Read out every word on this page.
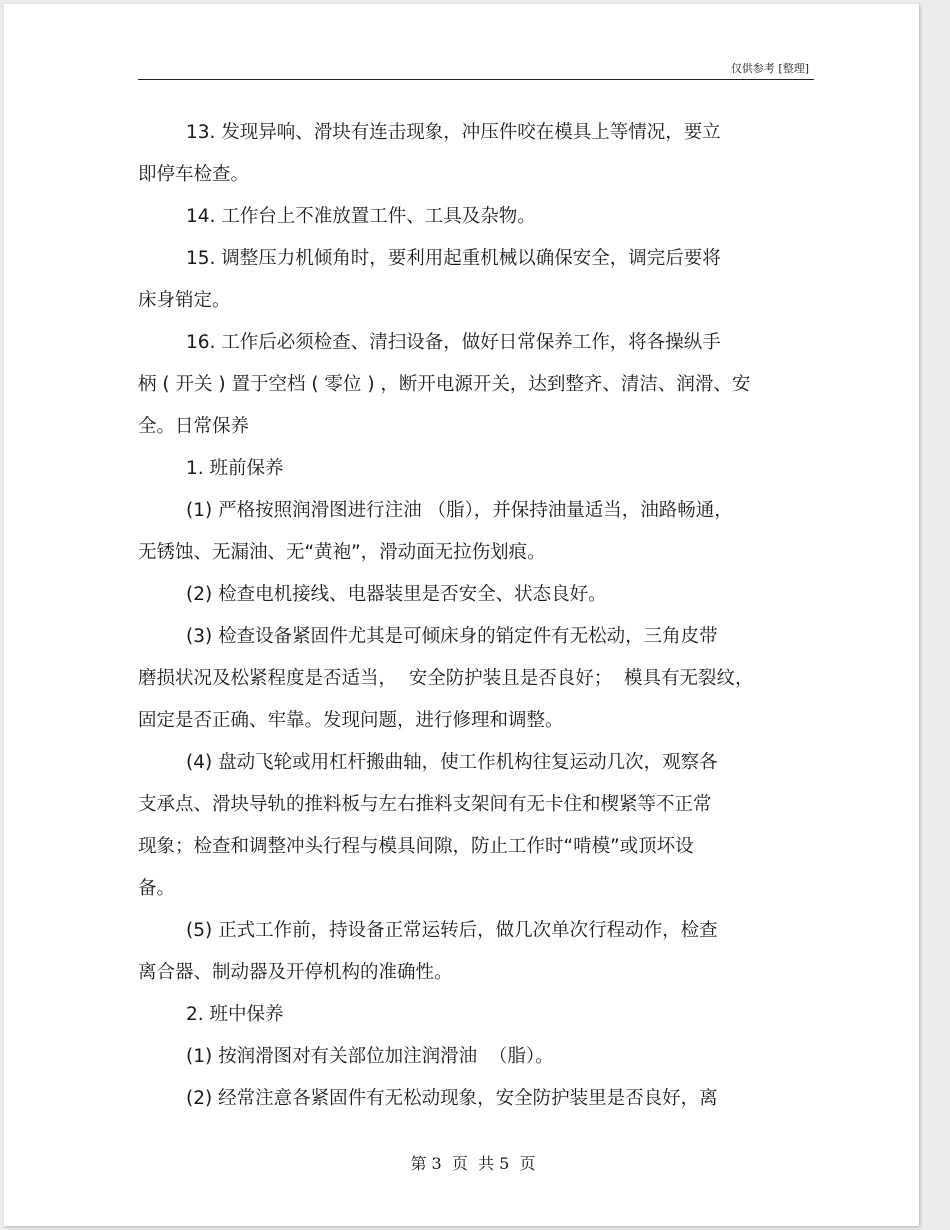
仅供参考 [整理]
13. 发现异响、滑块有连击现象，冲压件咬在模具上等情况，要立
即停车检查。
14. 工作台上不准放置工件、工具及杂物。
15. 调整压力机倾角时，要利用起重机械以确保安全，调完后要将
床身销定。
16. 工作后必须检查、清扫设备，做好日常保养工作，将各操纵手
柄 ( 开关 ) 置于空档 ( 零位 ) ，断开电源开关，达到整齐、清洁、润滑、安
全。日常保养
1. 班前保养
(1) 严格按照润滑图进行注油 （脂），并保持油量适当，油路畅通，
无锈蚀、无漏油、无“黄袍”，滑动面无拉伤划痕。
(2) 检查电机接线、电器装里是否安全、状态良好。
(3) 检查设备紧固件尤其是可倾床身的销定件有无松动，三角皮带
磨损状况及松紧程度是否适当，  安全防护装且是否良好；  模具有无裂纹，
固定是否正确、牢靠。发现问题，进行修理和调整。
(4) 盘动飞轮或用杠杆搬曲轴，使工作机构往复运动几次，观察各
支承点、滑块导轨的推料板与左右推料支架间有无卡住和楔紧等不正常
现象；检查和调整冲头行程与模具间隙，防止工作时“啃模”或顶坏设
备。
(5) 正式工作前，持设备正常运转后，做几次单次行程动作，检查
离合器、制动器及开停机构的准确性。
2. 班中保养
(1) 按润滑图对有关部位加注润滑油  （脂）。
(2) 经常注意各紧固件有无松动现象，安全防护装里是否良好，离
第 3  页  共 5  页
